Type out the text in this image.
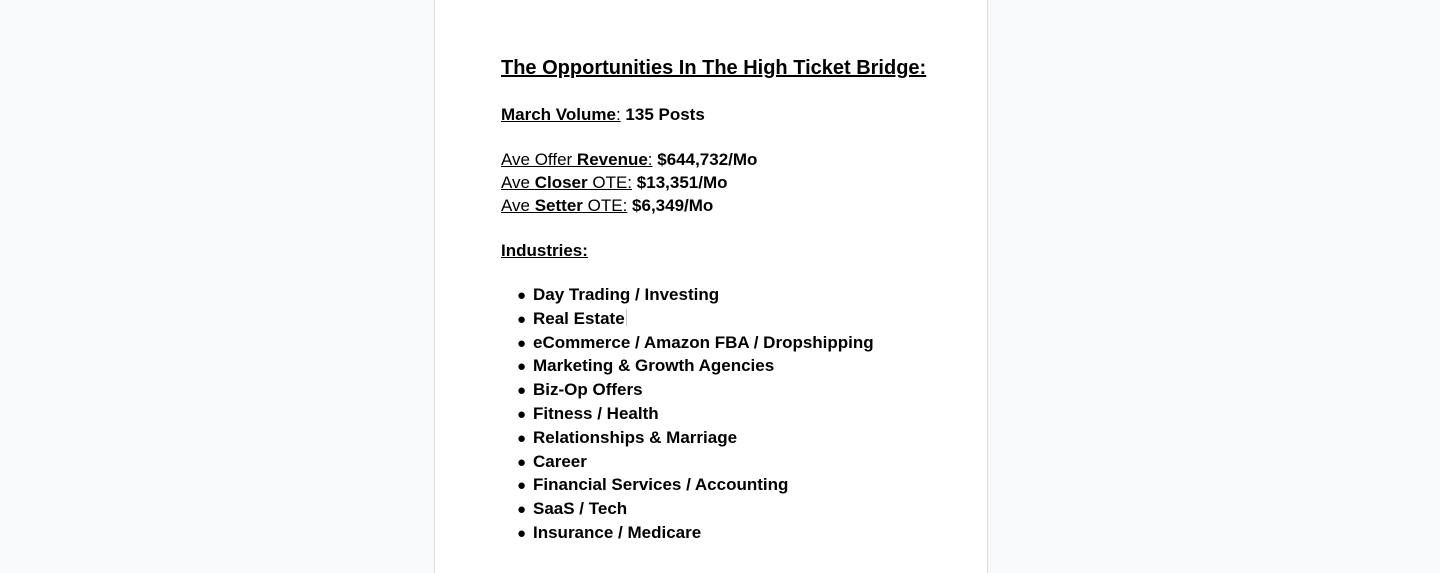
The Opportunities In The High Ticket Bridge:

March Volume: 135 Posts

Ave Offer Revenue: $644,732/Mo

Ave Closer OTE: $13,351/Mo

Ave Setter OTE: $6,349/Mo

Industries:

● Day Trading / Investing
● Real Estate
● eCommerce / Amazon FBA / Dropshipping
● Marketing & Growth Agencies
● Biz-Op Offers
● Fitness / Health
● Relationships & Marriage
● Career
● Financial Services / Accounting
● SaaS / Tech
● Insurance / Medicare
